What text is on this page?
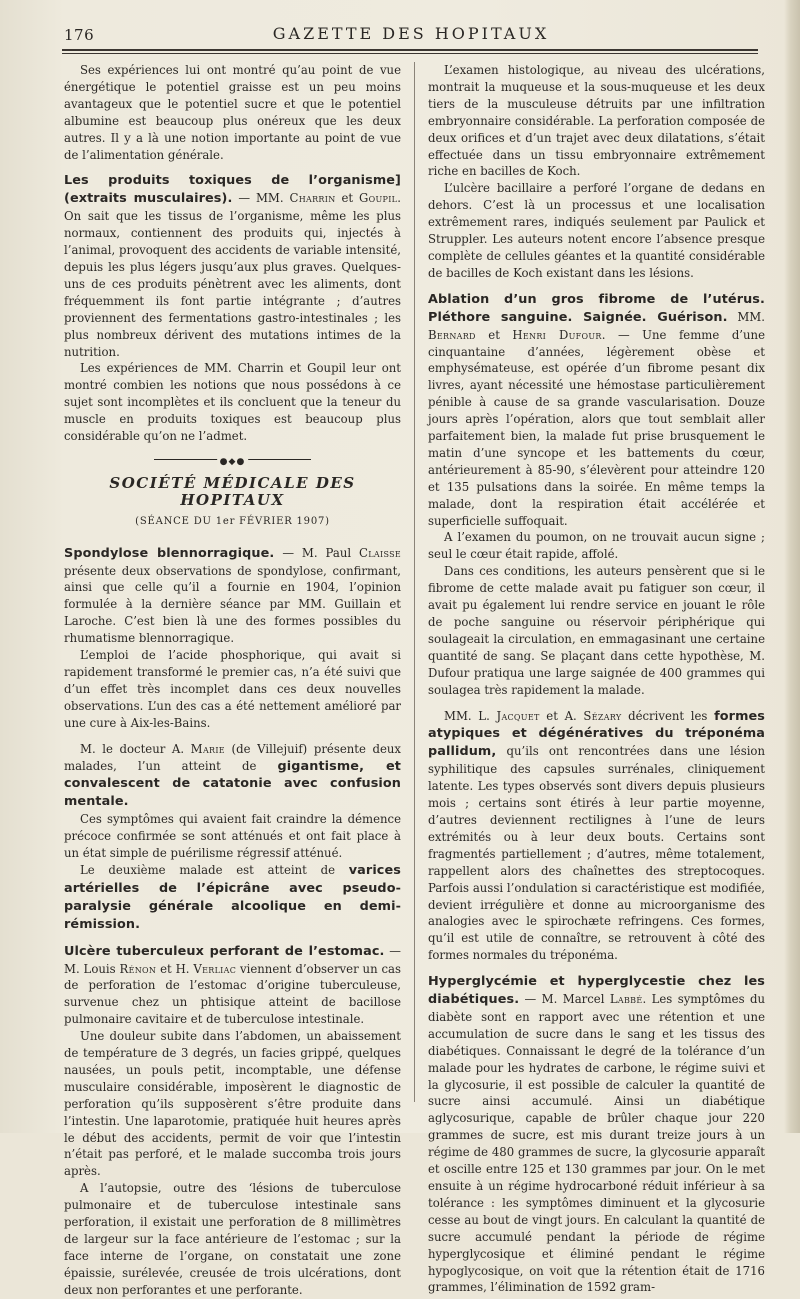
176	GAZETTE DES HOPITAUX

Ses expériences lui ont montré qu’au point de vue énergétique le potentiel graisse est un peu moins avantageux que le potentiel sucre et que le potentiel albumine est beaucoup plus onéreux que les deux autres. Il y a là une notion importante au point de vue de l’alimentation générale.

Les produits toxiques de l’organisme] (extraits musculaires). — MM. Charrin et Goupil. On sait que les tissus de l’organisme, même les plus normaux, contiennent des produits qui, injectés à l’animal, provoquent des accidents de variable intensité, depuis les plus légers jusqu’aux plus graves. Quelques-uns de ces produits pénètrent avec les aliments, dont fréquemment ils font partie intégrante ; d’autres proviennent des fermentations gastro-intestinales ; les plus nombreux dérivent des mutations intimes de la nutrition.

Les expériences de MM. Charrin et Goupil leur ont montré combien les notions que nous possédons à ce sujet sont incomplètes et ils concluent que la teneur du muscle en produits toxiques est beaucoup plus considérable qu’on ne l’admet.

●◆●
SOCIÉTÉ MÉDICALE DES HOPITAUX
(SÉANCE DU 1er FÉVRIER 1907)

Spondylose blennorragique. — M. Paul Claisse présente deux observations de spondylose, confirmant, ainsi que celle qu’il a fournie en 1904, l’opinion formulée à la dernière séance par MM. Guillain et Laroche. C’est bien là une des formes possibles du rhumatisme blennorragique.

L’emploi de l’acide phosphorique, qui avait si rapidement transformé le premier cas, n’a été suivi que d’un effet très incomplet dans ces deux nouvelles observations. L’un des cas a été nettement amélioré par une cure à Aix-les-Bains.

M. le docteur A. Marie (de Villejuif) présente deux malades, l’un atteint de gigantisme, et convalescent de catatonie avec confusion mentale.

Ces symptômes qui avaient fait craindre la démence précoce confirmée se sont atténués et ont fait place à un état simple de puérilisme régressif atténué.

Le deuxième malade est atteint de varices artérielles de l’épicrâne avec pseudo-paralysie générale alcoolique en demi-rémission.

Ulcère tuberculeux perforant de l’estomac. — M. Louis Rénon et H. Verliac viennent d’observer un cas de perforation de l’estomac d’origine tuberculeuse, survenue chez un phtisique atteint de bacillose pulmonaire cavitaire et de tuberculose intestinale.

Une douleur subite dans l’abdomen, un abaissement de température de 3 degrés, un facies grippé, quelques nausées, un pouls petit, incomptable, une défense musculaire considérable, imposèrent le diagnostic de perforation qu’ils supposèrent s’être produite dans l’intestin. Une laparotomie, pratiquée huit heures après le début des accidents, permit de voir que l’intestin n’était pas perforé, et le malade succomba trois jours après.

A l’autopsie, outre des ‘lésions de tuberculose pulmonaire et de tuberculose intestinale sans perforation, il existait une perforation de 8 millimètres de largeur sur la face antérieure de l’estomac ; sur la face interne de l’organe, on constatait une zone épaissie, surélevée, creusée de trois ulcérations, dont deux non perforantes et une perforante.

L’examen histologique, au niveau des ulcérations, montrait la muqueuse et la sous-muqueuse et les deux tiers de la musculeuse détruits par une infiltration embryonnaire considérable. La perforation composée de deux orifices et d’un trajet avec deux dilatations, s’était effectuée dans un tissu embryonnaire extrêmement riche en bacilles de Koch.

L’ulcère bacillaire a perforé l’organe de dedans en dehors. C’est là un processus et une localisation extrêmement rares, indiqués seulement par Paulick et Struppler. Les auteurs notent encore l’absence presque complète de cellules géantes et la quantité considérable de bacilles de Koch existant dans les lésions.

Ablation d’un gros fibrome de l’utérus. Pléthore sanguine. Saignée. Guérison. MM. Bernard et Henri Dufour. — Une femme d’une cinquantaine d’années, légèrement obèse et emphysémateuse, est opérée d’un fibrome pesant dix livres, ayant nécessité une hémostase particulièrement pénible à cause de sa grande vascularisation. Douze jours après l’opération, alors que tout semblait aller parfaitement bien, la malade fut prise brusquement le matin d’une syncope et les battements du cœur, antérieurement à 85-90, s’élevèrent pour atteindre 120 et 135 pulsations dans la soirée. En même temps la malade, dont la respiration était accélérée et superficielle suffoquait.

A l’examen du poumon, on ne trouvait aucun signe ; seul le cœur était rapide, affolé.

Dans ces conditions, les auteurs pensèrent que si le fibrome de cette malade avait pu fatiguer son cœur, il avait pu également lui rendre service en jouant le rôle de poche sanguine ou réservoir périphérique qui soulageait la circulation, en emmagasinant une certaine quantité de sang. Se plaçant dans cette hypothèse, M. Dufour pratiqua une large saignée de 400 grammes qui soulagea très rapidement la malade.

MM. L. Jacquet et A. Sézary décrivent les formes atypiques et dégénératives du tréponéma pallidum, qu’ils ont rencontrées dans une lésion syphilitique des capsules surrénales, cliniquement latente. Les types observés sont divers depuis plusieurs mois ; certains sont étirés à leur partie moyenne, d’autres deviennent rectilignes à l’une de leurs extrémités ou à leur deux bouts. Certains sont fragmentés partiellement ; d’autres, même totalement, rappellent alors des chaînettes des streptocoques. Parfois aussi l’ondulation si caractéristique est modifiée, devient irrégulière et donne au microorganisme des analogies avec le spirochæte refringens. Ces formes, qu’il est utile de connaître, se retrouvent à côté des formes normales du tréponéma.

Hyperglycémie et hyperglycestie chez les diabétiques. — M. Marcel Labbé. Les symptômes du diabète sont en rapport avec une rétention et une accumulation de sucre dans le sang et les tissus des diabétiques. Connaissant le degré de la tolérance d’un malade pour les hydrates de carbone, le régime suivi et la glycosurie, il est possible de calculer la quantité de sucre ainsi accumulé. Ainsi un diabétique aglycosurique, capable de brûler chaque jour 220 grammes de sucre, est mis durant treize jours à un régime de 480 grammes de sucre, la glycosurie apparaît et oscille entre 125 et 130 grammes par jour. On le met ensuite à un régime hydrocarboné réduit inférieur à sa tolérance : les symptômes diminuent et la glycosurie cesse au bout de vingt jours. En calculant la quantité de sucre accumulé pendant la période de régime hyperglycosique et éliminé pendant le régime hypoglycosique, on voit que la rétention était de 1716 grammes, l’élimination de 1592 gram-
